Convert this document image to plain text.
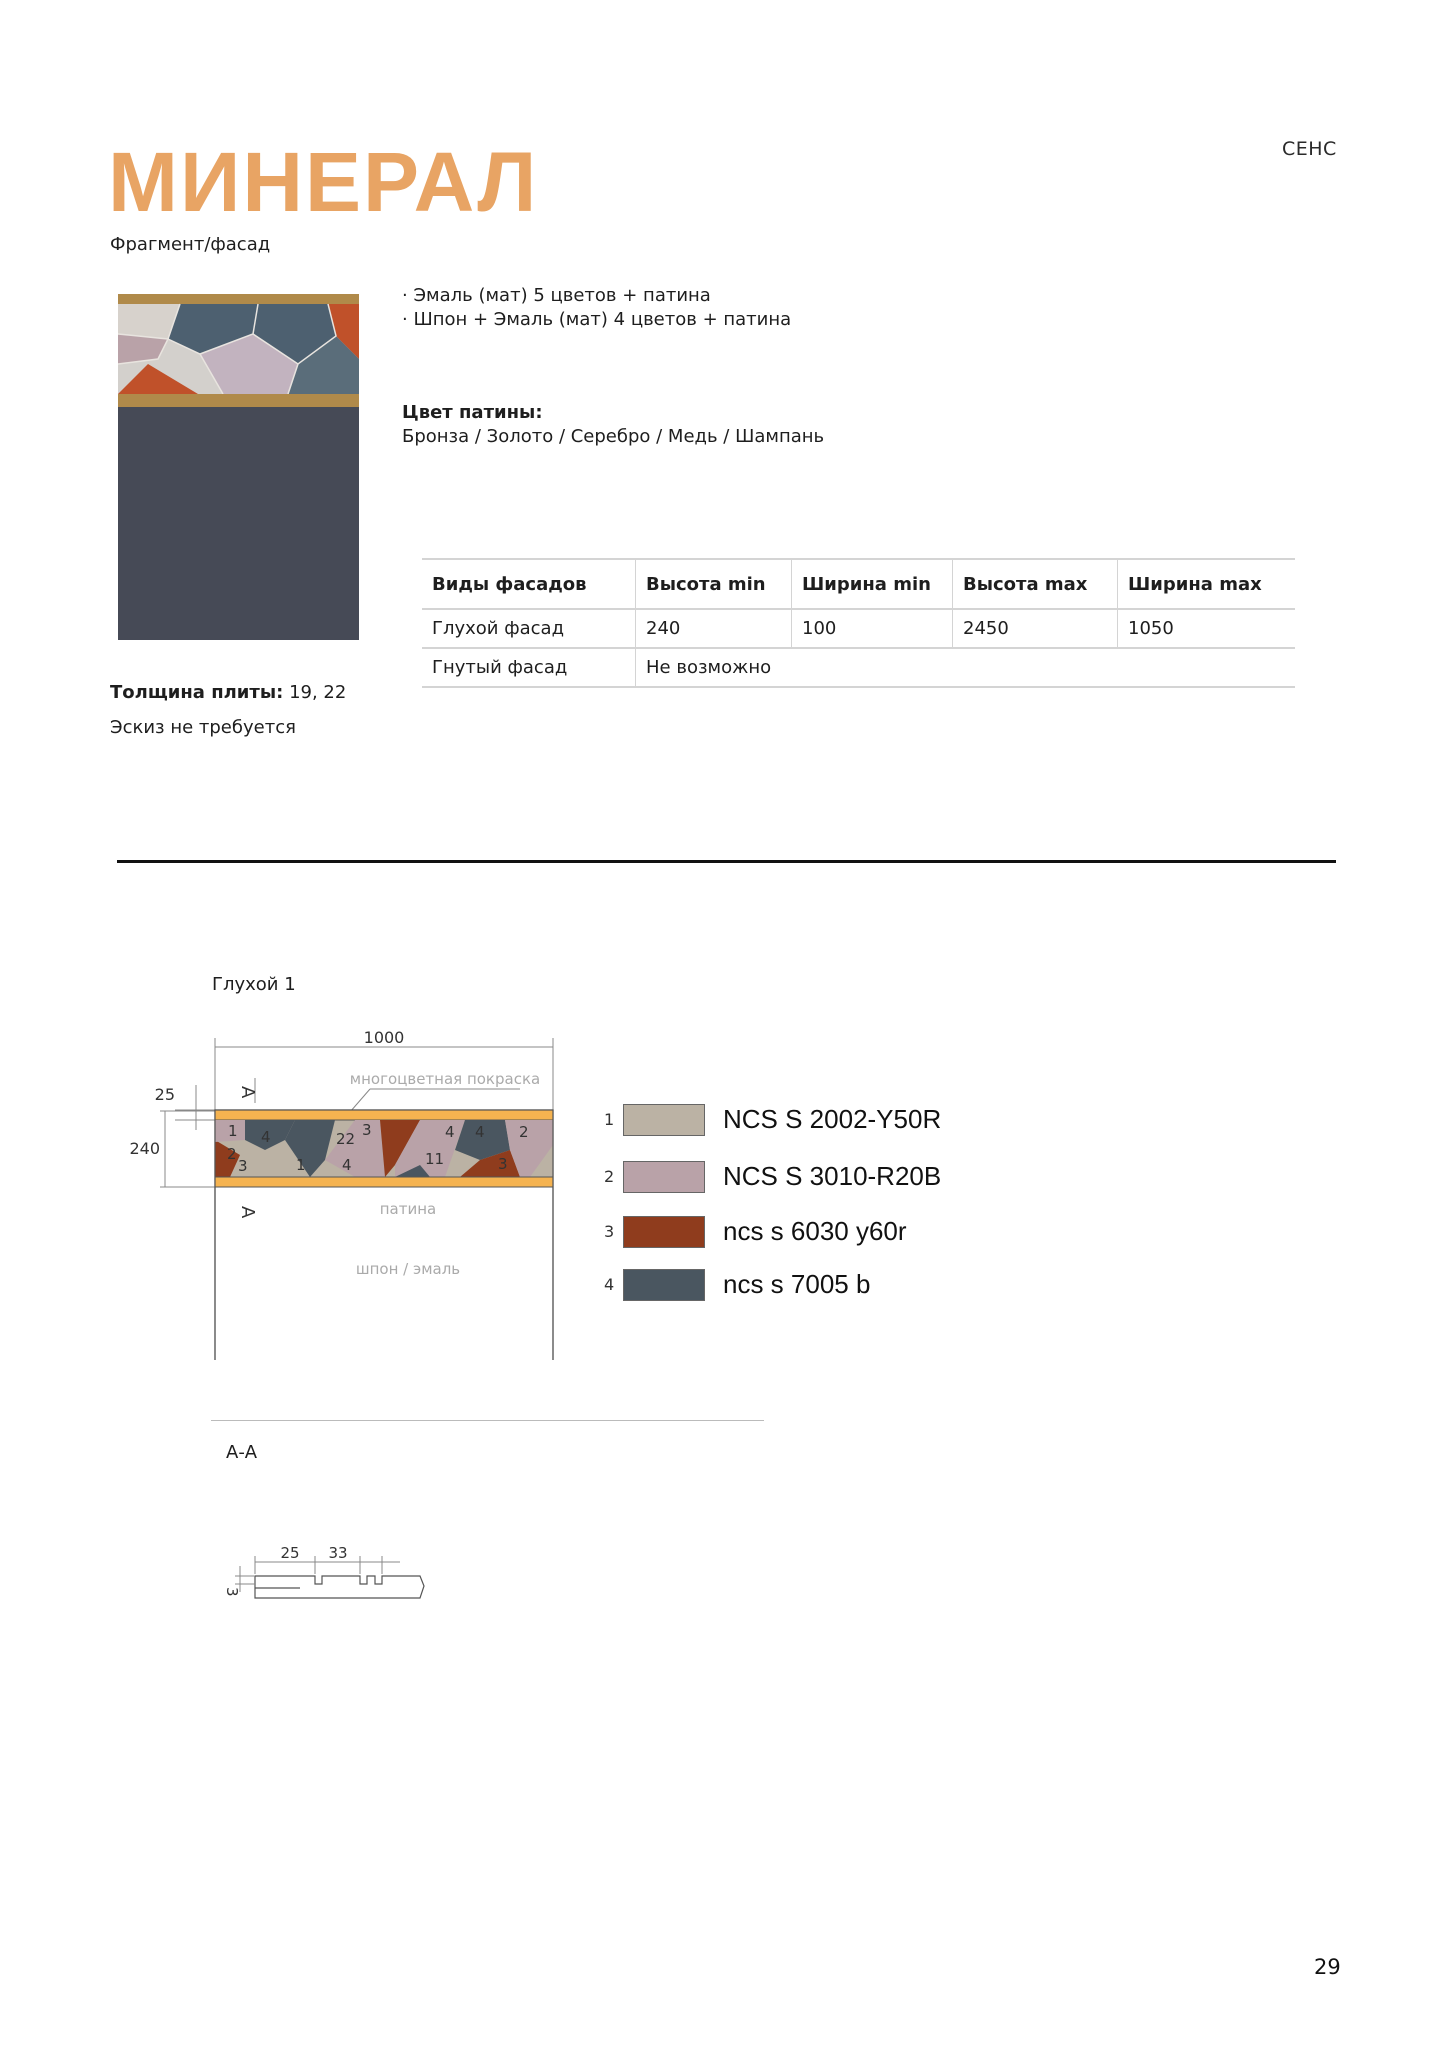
СЕНС
МИНЕРАЛ
Фрагмент/фасад
· Эмаль (мат) 5 цветов + патина
· Шпон + Эмаль (мат) 4 цветов + патина
Цвет патины:
Бронза / Золото / Серебро / Медь / Шампань
Виды фасадов	Высота min	Ширина min	Высота max	Ширина max
Глухой фасад	240	100	2450	1050
Гнутый фасад	Не возможно			
Толщина плиты: 19, 22
Эскиз не требуется
Глухой 1
1000
25
240
A
A
многоцветная покраска
патина
шпон / эмаль
1
2
3
4
1 4
22 3	4
11
4
3
2
1	NCS S 2002-Y50R
2	NCS S 3010-R20B
3	ncs s 6030 y60r
4	ncs s 7005 b
А-А
25 33
3
29
